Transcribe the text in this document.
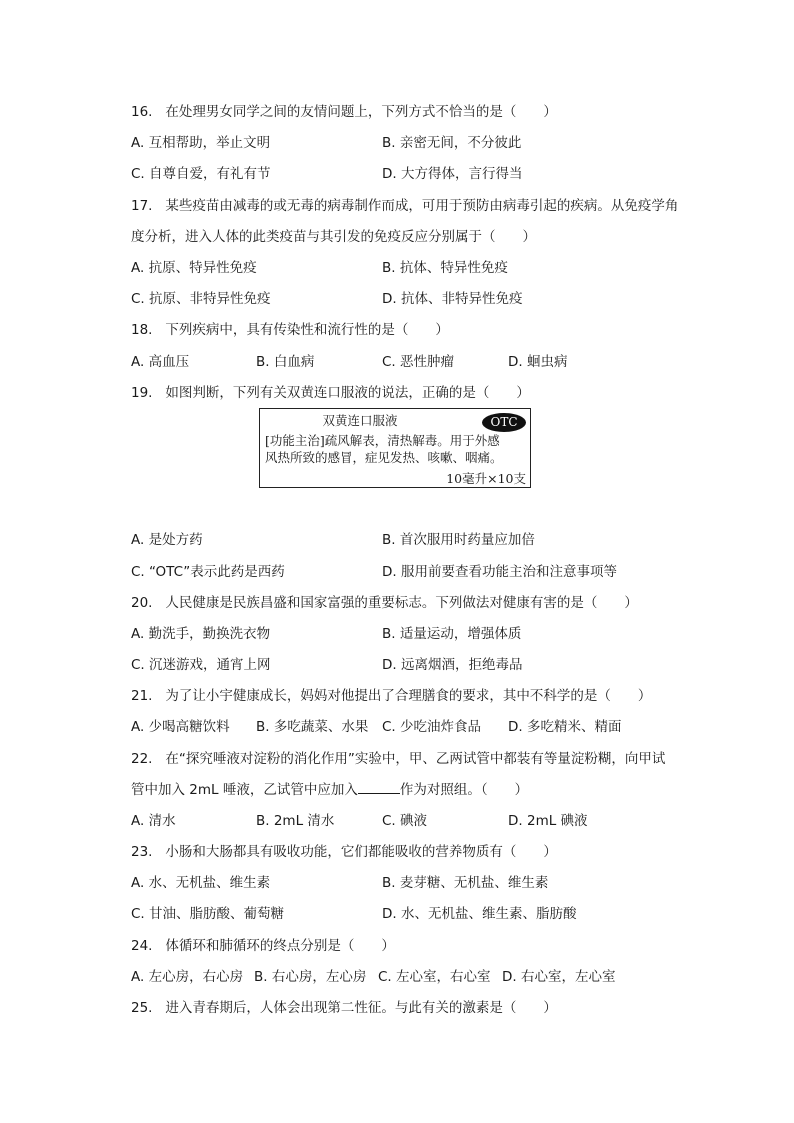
16. 在处理男女同学之间的友情问题上，下列方式不恰当的是（　　）
A. 互相帮助，举止文明	B. 亲密无间，不分彼此
C. 自尊自爱，有礼有节	D. 大方得体，言行得当
17. 某些疫苗由减毒的或无毒的病毒制作而成，可用于预防由病毒引起的疾病。从免疫学角
度分析，进入人体的此类疫苗与其引发的免疫反应分别属于（　　）
A. 抗原、特异性免疫	B. 抗体、特异性免疫
C. 抗原、非特异性免疫	D. 抗体、非特异性免疫
18. 下列疾病中，具有传染性和流行性的是（　　）
A. 高血压	B. 白血病	C. 恶性肿瘤	D. 蛔虫病
19. 如图判断，下列有关双黄连口服液的说法，正确的是（　　）
双黄连口服液	OTC
[功能主治]疏风解表，清热解毒。用于外感
风热所致的感冒，症见发热、咳嗽、咽痛。
10毫升×10支
A. 是处方药	B. 首次服用时药量应加倍
C. “OTC”表示此药是西药	D. 服用前要查看功能主治和注意事项等
20. 人民健康是民族昌盛和国家富强的重要标志。下列做法对健康有害的是（　　）
A. 勤洗手，勤换洗衣物	B. 适量运动，增强体质
C. 沉迷游戏，通宵上网	D. 远离烟酒，拒绝毒品
21. 为了让小宇健康成长，妈妈对他提出了合理膳食的要求，其中不科学的是（　　）
A. 少喝高糖饮料 B. 多吃蔬菜、水果 C. 少吃油炸食品 D. 多吃精米、精面
22. 在“探究唾液对淀粉的消化作用”实验中，甲、乙两试管中都装有等量淀粉糊，向甲试
管中加入 2mL 唾液，乙试管中应加入	作为对照组。（　　）
A. 清水	B. 2mL 清水	C. 碘液	D. 2mL 碘液
23. 小肠和大肠都具有吸收功能，它们都能吸收的营养物质有（　　）
A. 水、无机盐、维生素	B. 麦芽糖、无机盐、维生素
C. 甘油、脂肪酸、葡萄糖	D. 水、无机盐、维生素、脂肪酸
24. 体循环和肺循环的终点分别是（　　）
A. 左心房，右心房 B. 右心房，左心房 C. 左心室，右心室 D. 右心室，左心室
25. 进入青春期后，人体会出现第二性征。与此有关的激素是（　　）
